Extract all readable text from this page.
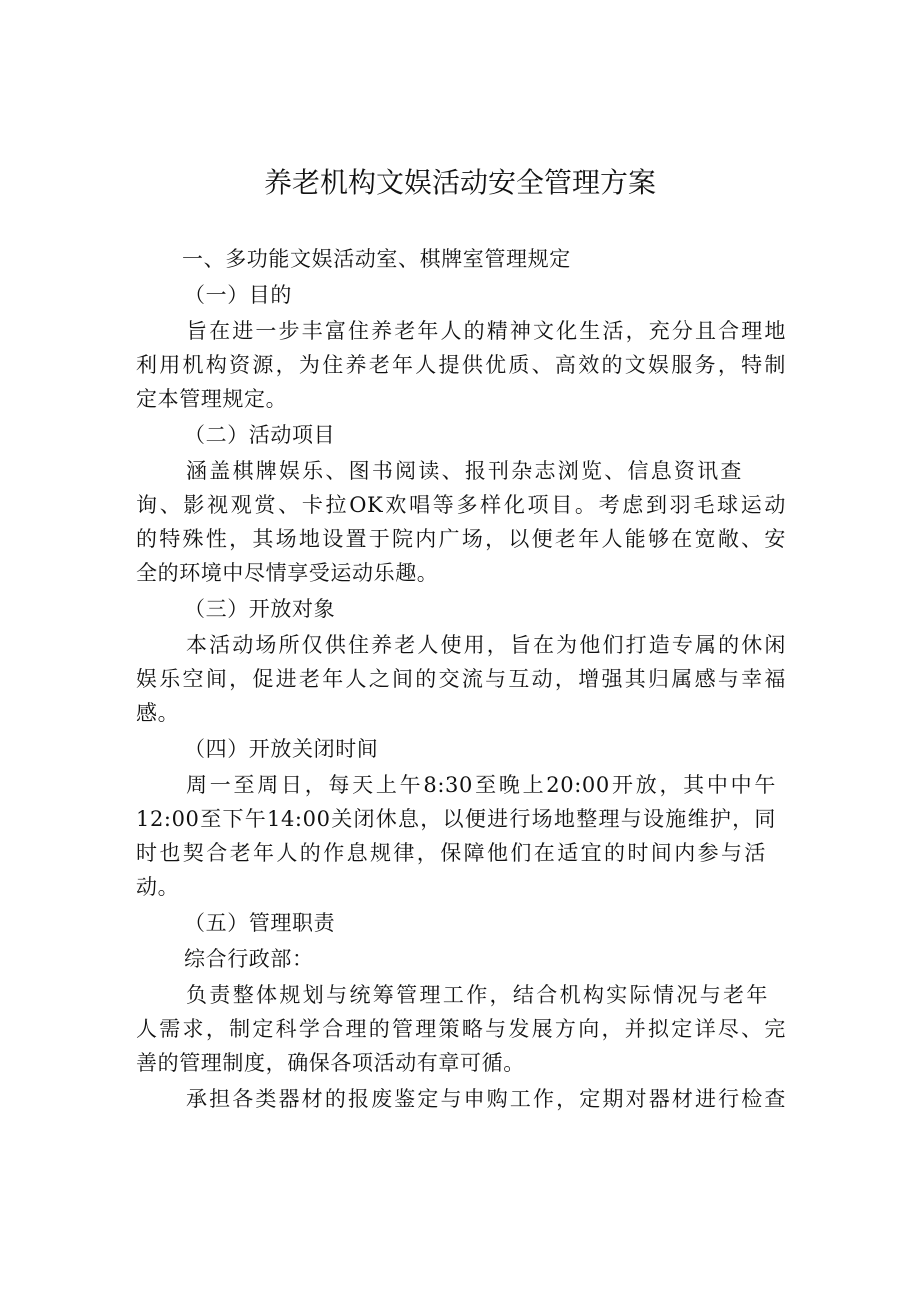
养老机构文娱活动安全管理方案
一、多功能文娱活动室、棋牌室管理规定
（一）目的
旨在进一步丰富住养老年人的精神文化生活，充分且合理地
利用机构资源，为住养老年人提供优质、高效的文娱服务，特制
定本管理规定。
（二）活动项目
涵盖棋牌娱乐、图书阅读、报刊杂志浏览、信息资讯查
询、影视观赏、卡拉OK欢唱等多样化项目。考虑到羽毛球运动
的特殊性，其场地设置于院内广场，以便老年人能够在宽敞、安
全的环境中尽情享受运动乐趣。
（三）开放对象
本活动场所仅供住养老人使用，旨在为他们打造专属的休闲
娱乐空间，促进老年人之间的交流与互动，增强其归属感与幸福
感。
（四）开放关闭时间
周一至周日，每天上午8:30至晚上20:00开放，其中中午
12:00至下午14:00关闭休息，以便进行场地整理与设施维护，同
时也契合老年人的作息规律，保障他们在适宜的时间内参与活
动。
（五）管理职责
综合行政部：
负责整体规划与统筹管理工作，结合机构实际情况与老年
人需求，制定科学合理的管理策略与发展方向，并拟定详尽、完
善的管理制度，确保各项活动有章可循。
承担各类器材的报废鉴定与申购工作，定期对器材进行检查
